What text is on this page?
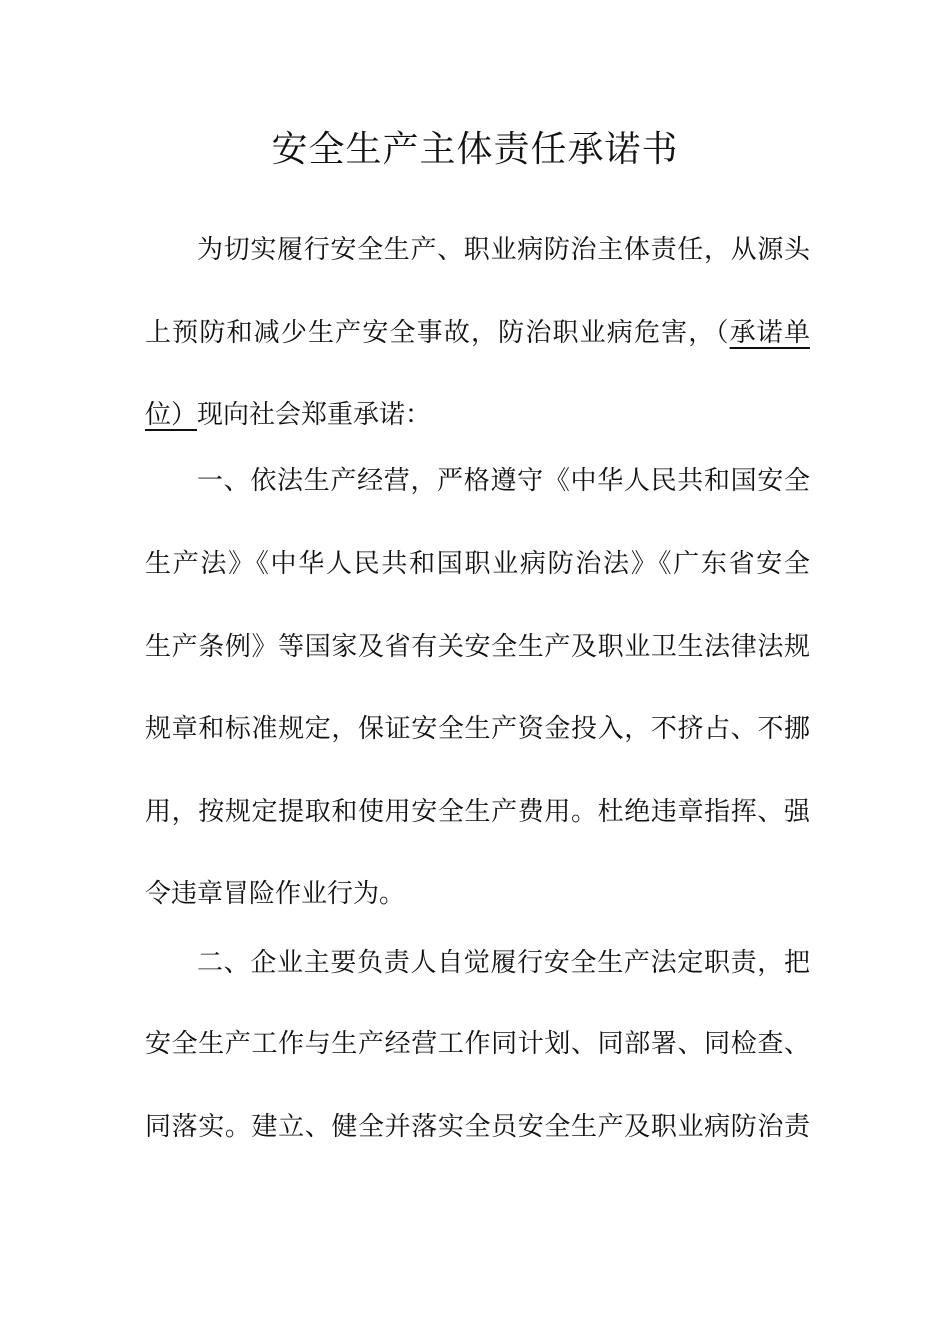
安全生产主体责任承诺书
为切实履行安全生产、职业病防治主体责任，从源头
上预防和减少生产安全事故，防治职业病危害，（承诺单
位）现向社会郑重承诺：
一、依法生产经营，严格遵守《中华人民共和国安全
生产法》《中华人民共和国职业病防治法》《广东省安全
生产条例》等国家及省有关安全生产及职业卫生法律法规
规章和标准规定，保证安全生产资金投入，不挤占、不挪
用，按规定提取和使用安全生产费用。杜绝违章指挥、强
令违章冒险作业行为。
二、企业主要负责人自觉履行安全生产法定职责，把
安全生产工作与生产经营工作同计划、同部署、同检查、
同落实。建立、健全并落实全员安全生产及职业病防治责
